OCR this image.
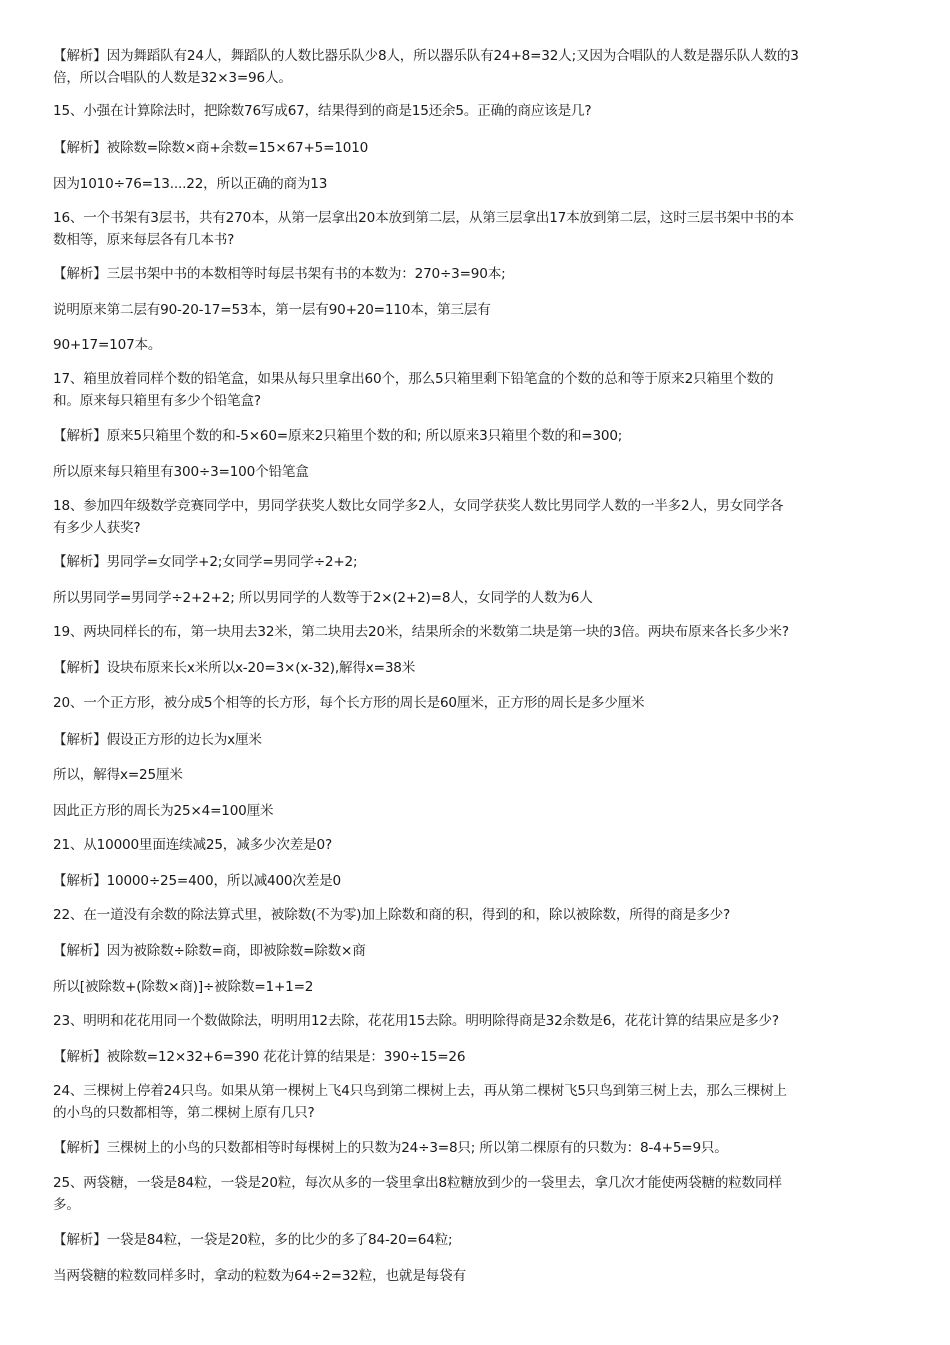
【解析】因为舞蹈队有24人，舞蹈队的人数比器乐队少8人，所以器乐队有24+8=32人;又因为合唱队的人数是器乐队人数的3
倍，所以合唱队的人数是32×3=96人。
15、小强在计算除法时，把除数76写成67，结果得到的商是15还余5。正确的商应该是几?
【解析】被除数=除数×商+余数=15×67+5=1010
因为1010÷76=13....22，所以正确的商为13
16、一个书架有3层书，共有270本，从第一层拿出20本放到第二层，从第三层拿出17本放到第二层，这时三层书架中书的本
数相等，原来每层各有几本书?
【解析】三层书架中书的本数相等时每层书架有书的本数为：270÷3=90本;
说明原来第二层有90-20-17=53本，第一层有90+20=110本，第三层有
90+17=107本。
17、箱里放着同样个数的铅笔盒，如果从每只里拿出60个，那么5只箱里剩下铅笔盒的个数的总和等于原来2只箱里个数的
和。原来每只箱里有多少个铅笔盒?
【解析】原来5只箱里个数的和-5×60=原来2只箱里个数的和; 所以原来3只箱里个数的和=300;
所以原来每只箱里有300÷3=100个铅笔盒
18、参加四年级数学竞赛同学中，男同学获奖人数比女同学多2人，女同学获奖人数比男同学人数的一半多2人，男女同学各
有多少人获奖?
【解析】男同学=女同学+2;女同学=男同学÷2+2;
所以男同学=男同学÷2+2+2; 所以男同学的人数等于2×(2+2)=8人，女同学的人数为6人
19、两块同样长的布，第一块用去32米，第二块用去20米，结果所余的米数第二块是第一块的3倍。两块布原来各长多少米?
【解析】设块布原来长x米所以x-20=3×(x-32),解得x=38米
20、一个正方形，被分成5个相等的长方形，每个长方形的周长是60厘米，正方形的周长是多少厘米
【解析】假设正方形的边长为x厘米
所以，解得x=25厘米
因此正方形的周长为25×4=100厘米
21、从10000里面连续减25，减多少次差是0?
【解析】10000÷25=400，所以减400次差是0
22、在一道没有余数的除法算式里，被除数(不为零)加上除数和商的积，得到的和，除以被除数，所得的商是多少?
【解析】因为被除数÷除数=商，即被除数=除数×商
所以[被除数+(除数×商)]÷被除数=1+1=2
23、明明和花花用同一个数做除法，明明用12去除，花花用15去除。明明除得商是32余数是6，花花计算的结果应是多少?
【解析】被除数=12×32+6=390 花花计算的结果是：390÷15=26
24、三棵树上停着24只鸟。如果从第一棵树上飞4只鸟到第二棵树上去，再从第二棵树飞5只鸟到第三树上去，那么三棵树上
的小鸟的只数都相等，第二棵树上原有几只?
【解析】三棵树上的小鸟的只数都相等时每棵树上的只数为24÷3=8只; 所以第二棵原有的只数为：8-4+5=9只。
25、两袋糖，一袋是84粒，一袋是20粒，每次从多的一袋里拿出8粒糖放到少的一袋里去，拿几次才能使两袋糖的粒数同样
多。
【解析】一袋是84粒，一袋是20粒，多的比少的多了84-20=64粒;
当两袋糖的粒数同样多时，拿动的粒数为64÷2=32粒，也就是每袋有
